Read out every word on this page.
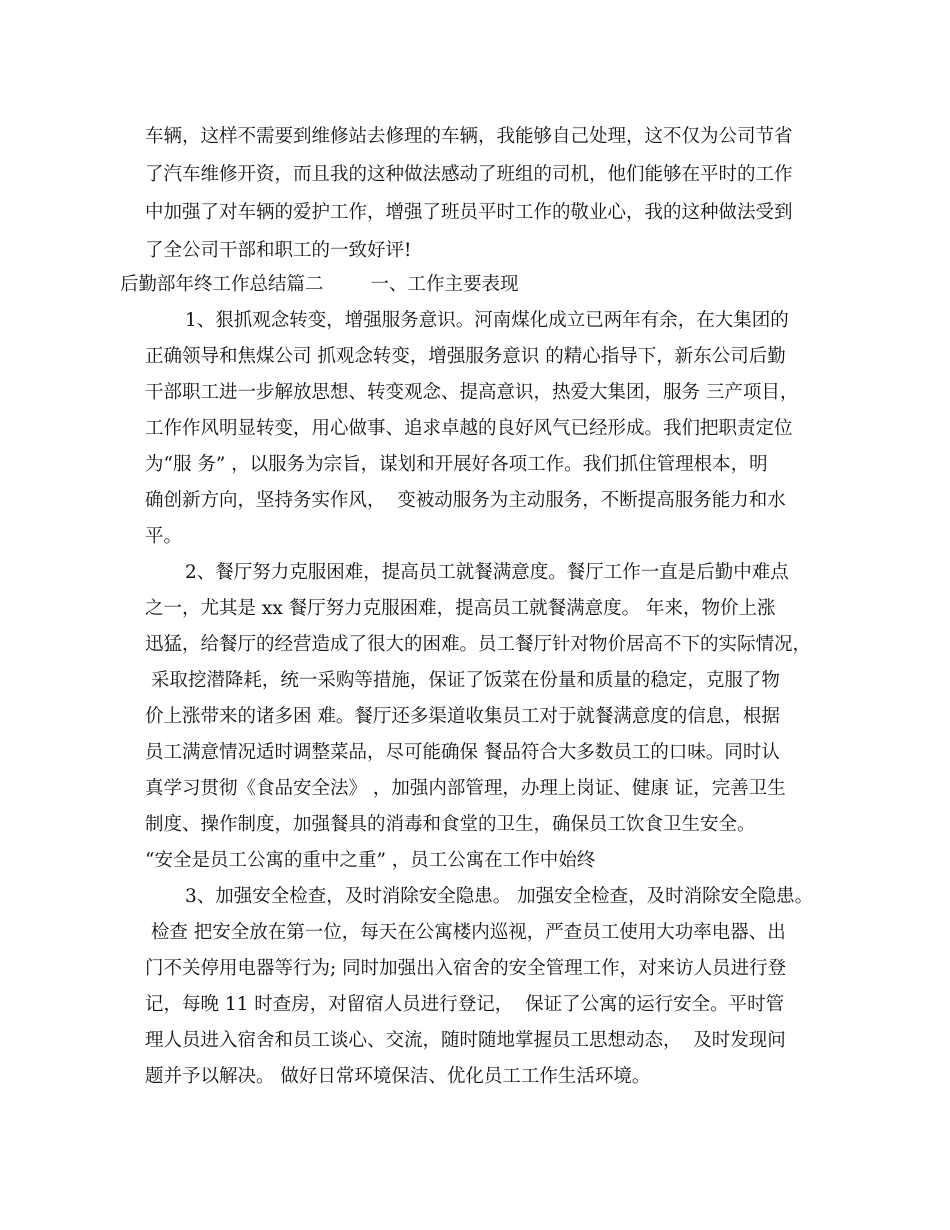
车辆，这样不需要到维修站去修理的车辆，我能够自己处理，这不仅为公司节省
了汽车维修开资，而且我的这种做法感动了班组的司机，他们能够在平时的工作
中加强了对车辆的爱护工作，增强了班员平时工作的敬业心，我的这种做法受到
了全公司干部和职工的一致好评!
后勤部年终工作总结篇二        一、工作主要表现
1、狠抓观念转变，增强服务意识。河南煤化成立已两年有余，在大集团的
正确领导和焦煤公司 抓观念转变，增强服务意识 的精心指导下，新东公司后勤
干部职工进一步解放思想、转变观念、提高意识，热爱大集团，服务 三产项目，
工作作风明显转变，用心做事、追求卓越的良好风气已经形成。我们把职责定位
为“服 务” ，以服务为宗旨，谋划和开展好各项工作。我们抓住管理根本，明
确创新方向，坚持务实作风，  变被动服务为主动服务，不断提高服务能力和水
平。
2、餐厅努力克服困难，提高员工就餐满意度。餐厅工作一直是后勤中难点
之一，尤其是 xx 餐厅努力克服困难，提高员工就餐满意度。 年来，物价上涨
迅猛，给餐厅的经营造成了很大的困难。员工餐厅针对物价居高不下的实际情况，
采取挖潜降耗，统一采购等措施，保证了饭菜在份量和质量的稳定，克服了物
价上涨带来的诸多困 难。餐厅还多渠道收集员工对于就餐满意度的信息，根据
员工满意情况适时调整菜品，尽可能确保 餐品符合大多数员工的口味。同时认
真学习贯彻《食品安全法》 ，加强内部管理，办理上岗证、健康 证，完善卫生
制度、操作制度，加强餐具的消毒和食堂的卫生，确保员工饮食卫生安全。
“安全是员工公寓的重中之重” ，员工公寓在工作中始终
3、加强安全检查，及时消除安全隐患。 加强安全检查，及时消除安全隐患。
检查 把安全放在第一位，每天在公寓楼内巡视，严查员工使用大功率电器、出
门不关停用电器等行为; 同时加强出入宿舍的安全管理工作，对来访人员进行登
记，每晚 11 时查房，对留宿人员进行登记，  保证了公寓的运行安全。平时管
理人员进入宿舍和员工谈心、交流，随时随地掌握员工思想动态，  及时发现问
题并予以解决。 做好日常环境保洁、优化员工工作生活环境。
